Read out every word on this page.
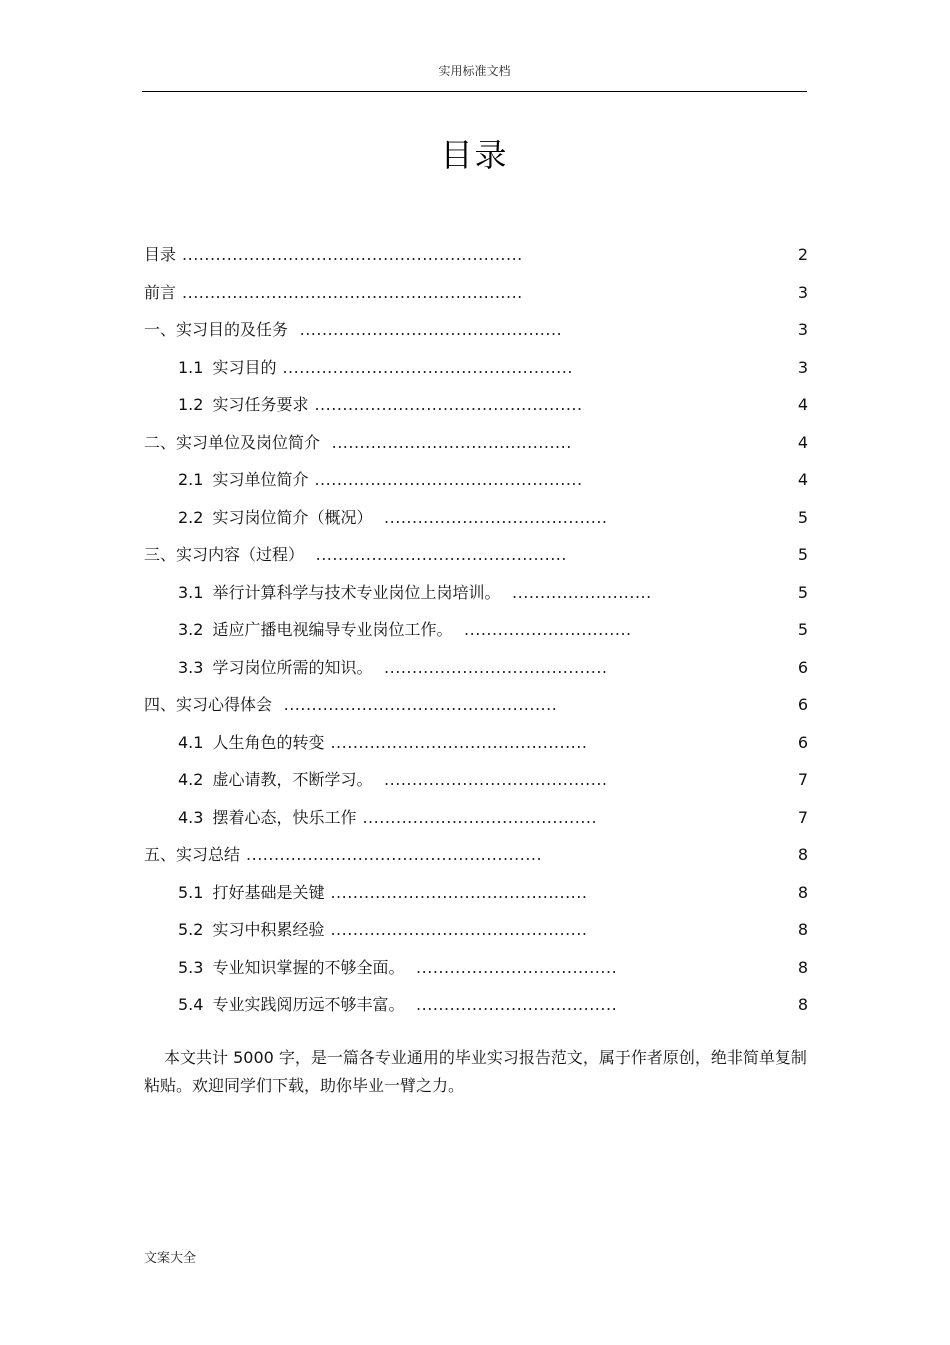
实用标准文档
目录
目录 .............................................................	2
前言 .............................................................	3
一、实习目的及任务 ...............................................	3
1.1 实习目的 ....................................................	3
1.2 实习任务要求 ................................................	4
二、实习单位及岗位简介 ...........................................	4
2.1 实习单位简介 ................................................	4
2.2 实习岗位简介（概况） ........................................	5
三、实习内容（过程） .............................................	5
3.1 举行计算科学与技术专业岗位上岗培训。 .........................	5
3.2 适应广播电视编导专业岗位工作。 ..............................	5
3.3 学习岗位所需的知识。 ........................................	6
四、实习心得体会 .................................................	6
4.1 人生角色的转变 ..............................................	6
4.2 虚心请教，不断学习。 ........................................	7
4.3 摆着心态，快乐工作 ..........................................	7
五、实习总结 .....................................................	8
5.1 打好基础是关键 ..............................................	8
5.2 实习中积累经验 ..............................................	8
5.3 专业知识掌握的不够全面。 ....................................	8
5.4 专业实践阅历远不够丰富。 ....................................	8
本文共计 5000 字，是一篇各专业通用的毕业实习报告范文，属于作者原创，绝非简单复制粘贴。欢迎同学们下载，助你毕业一臂之力。
文案大全
